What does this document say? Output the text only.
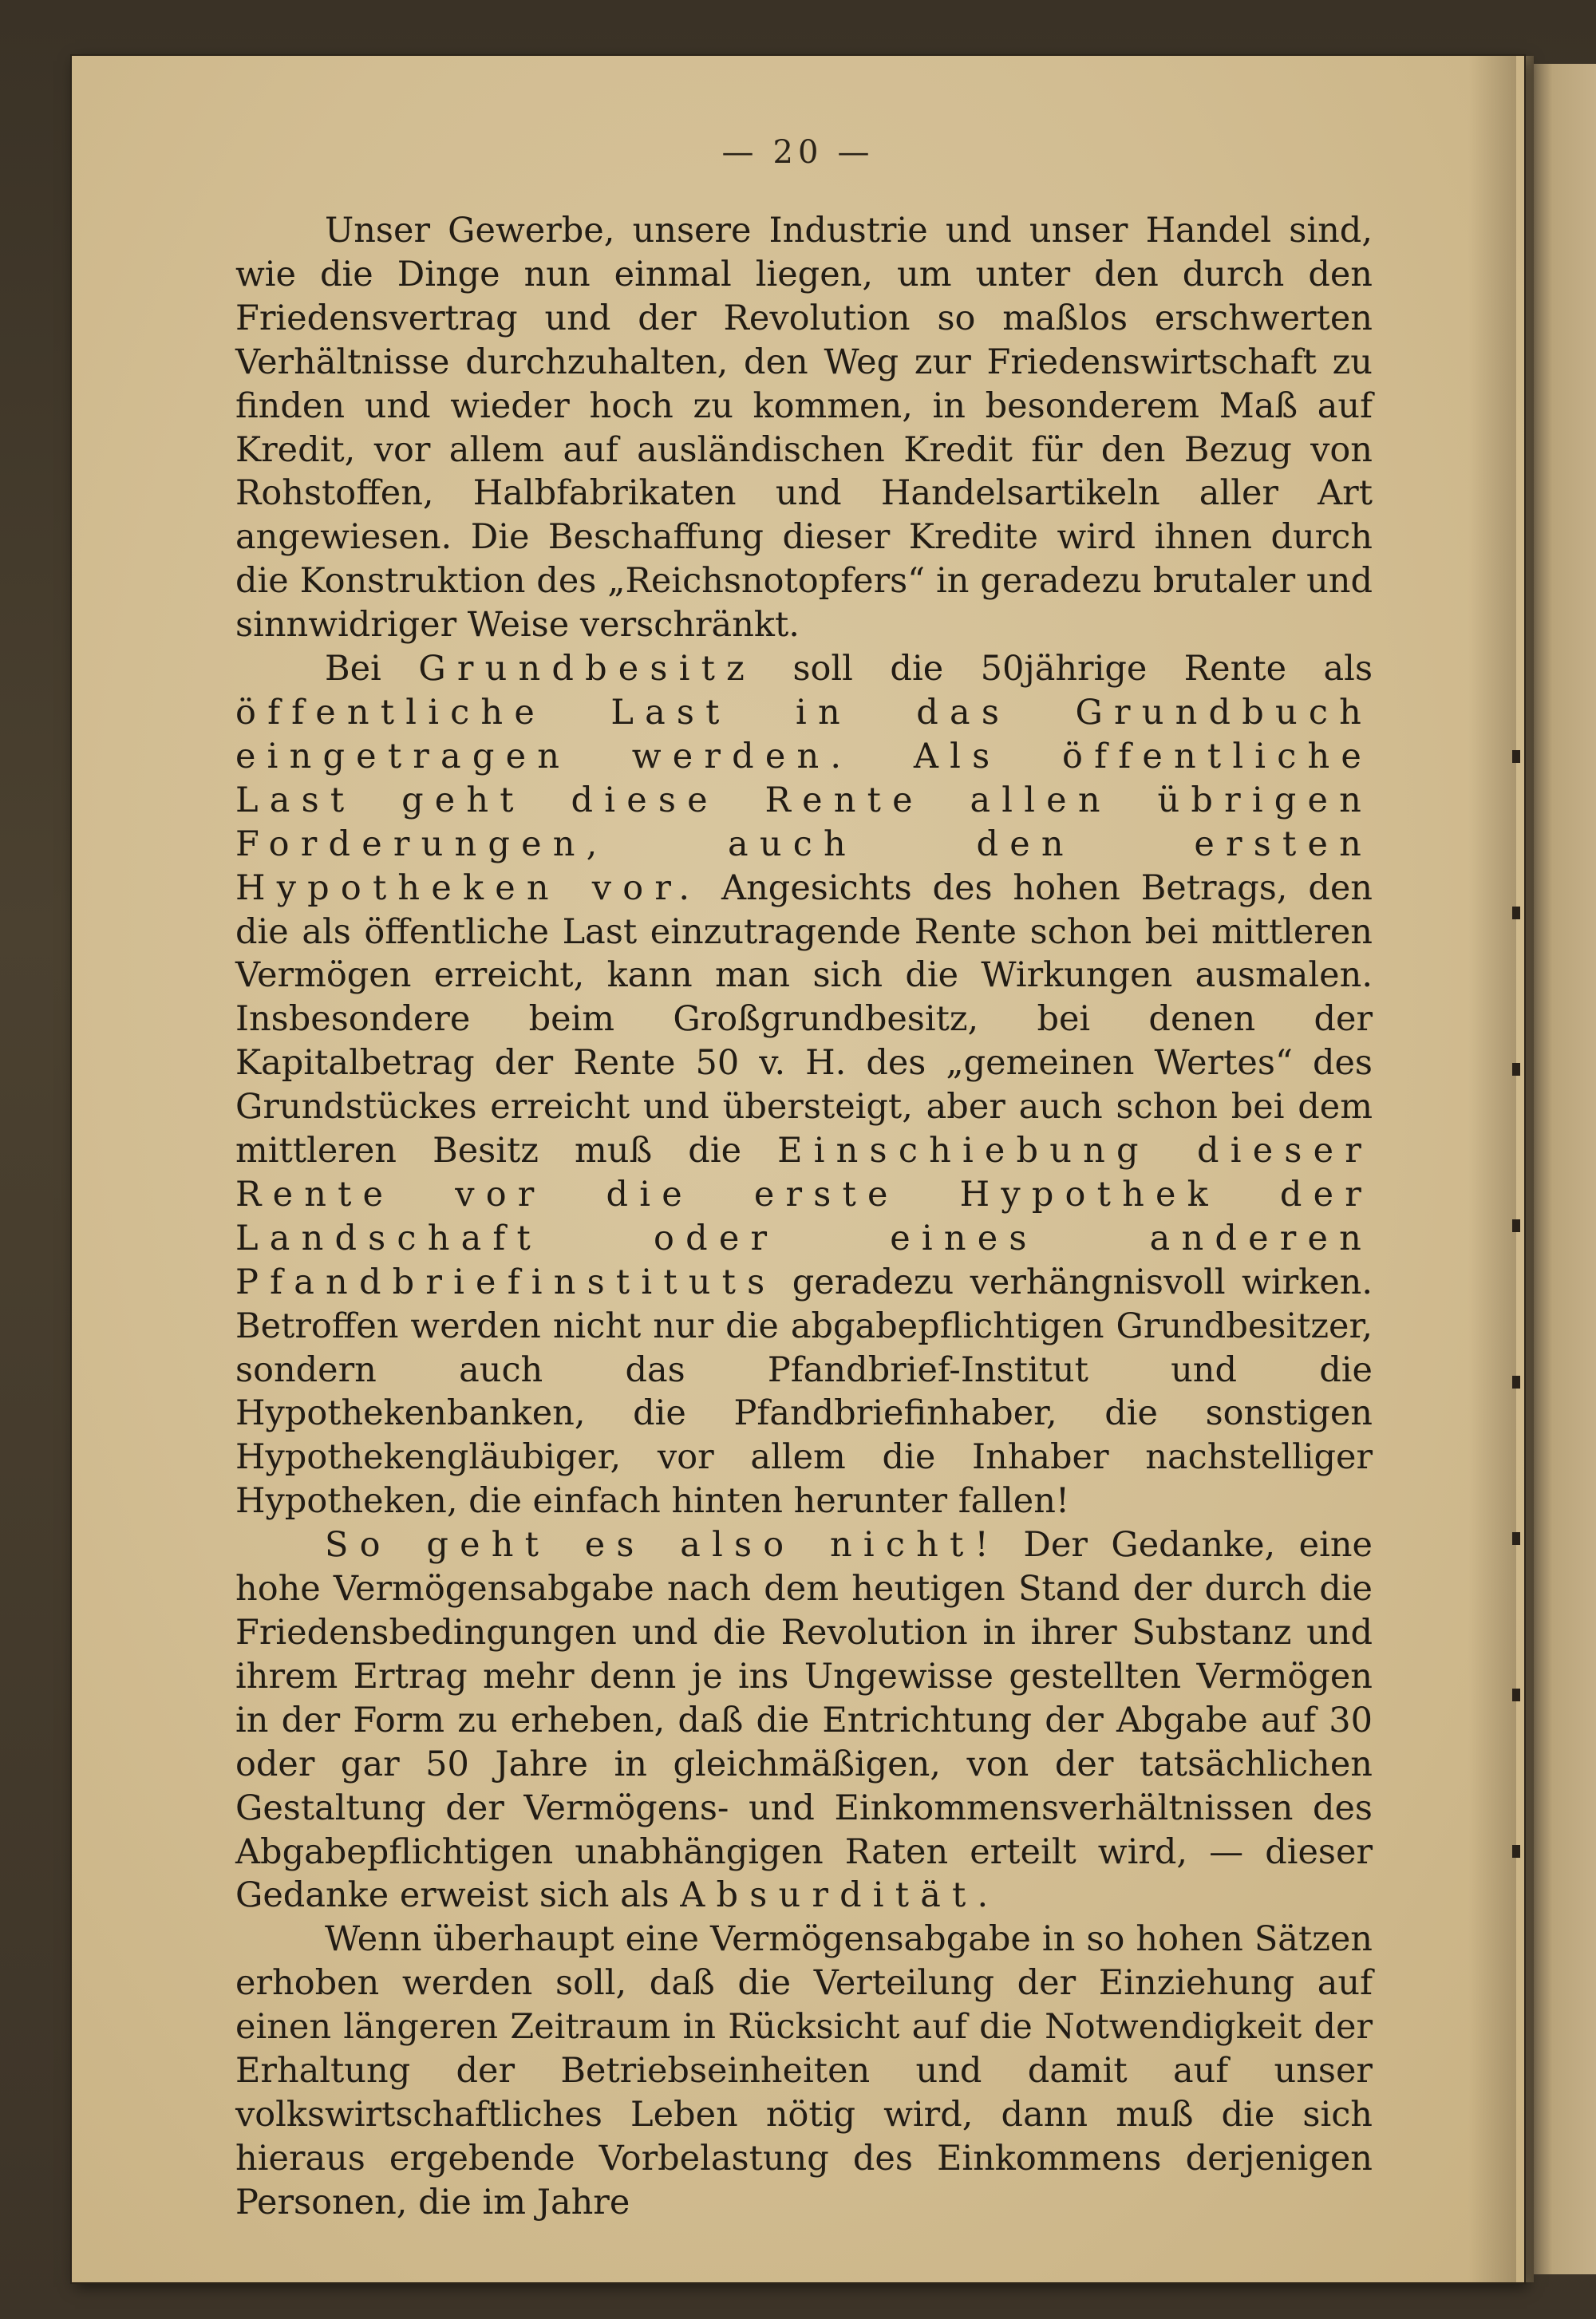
— 20 —

Unser Gewerbe, unsere Industrie und unser Handel sind, wie die Dinge nun einmal liegen, um unter den durch den Friedensvertrag und der Revolution so maßlos erschwerten Verhältnisse durchzuhalten, den Weg zur Friedenswirtschaft zu finden und wieder hoch zu kommen, in besonderem Maß auf Kredit, vor allem auf ausländischen Kredit für den Bezug von Rohstoffen, Halbfabrikaten und Handelsartikeln aller Art angewiesen. Die Beschaffung dieser Kredite wird ihnen durch die Konstruktion des „Reichsnotopfers“ in geradezu brutaler und sinnwidriger Weise verschränkt.

Bei Grundbesitz soll die 50jährige Rente als öffentliche Last in das Grundbuch eingetragen werden. Als öffentliche Last geht diese Rente allen übrigen Forderungen, auch den ersten Hypotheken vor. Angesichts des hohen Betrags, den die als öffentliche Last einzutragende Rente schon bei mittleren Vermögen erreicht, kann man sich die Wirkungen ausmalen. Insbesondere beim Großgrundbesitz, bei denen der Kapitalbetrag der Rente 50 v. H. des „gemeinen Wertes“ des Grundstückes erreicht und übersteigt, aber auch schon bei dem mittleren Besitz muß die Einschiebung dieser Rente vor die erste Hypothek der Landschaft oder eines anderen Pfandbriefinstituts geradezu verhängnisvoll wirken. Betroffen werden nicht nur die abgabepflichtigen Grundbesitzer, sondern auch das Pfandbrief-Institut und die Hypothekenbanken, die Pfandbriefinhaber, die sonstigen Hypothekengläubiger, vor allem die Inhaber nachstelliger Hypotheken, die einfach hinten herunter fallen!

So geht es also nicht! Der Gedanke, eine hohe Vermögensabgabe nach dem heutigen Stand der durch die Friedensbedingungen und die Revolution in ihrer Substanz und ihrem Ertrag mehr denn je ins Ungewisse gestellten Vermögen in der Form zu erheben, daß die Entrichtung der Abgabe auf 30 oder gar 50 Jahre in gleichmäßigen, von der tatsächlichen Gestaltung der Vermögens- und Einkommensverhältnissen des Abgabepflichtigen unabhängigen Raten erteilt wird, — dieser Gedanke erweist sich als Absurdität.

Wenn überhaupt eine Vermögensabgabe in so hohen Sätzen erhoben werden soll, daß die Verteilung der Einziehung auf einen längeren Zeitraum in Rücksicht auf die Notwendigkeit der Erhaltung der Betriebseinheiten und damit auf unser volkswirtschaftliches Leben nötig wird, dann muß die sich hieraus ergebende Vorbelastung des Einkommens derjenigen Personen, die im Jahre
